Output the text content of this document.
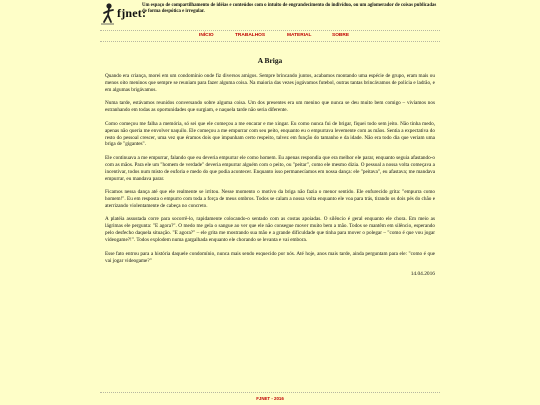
fjnet:
Um espaço de compartilhamento de idéias e conteúdos com o intuito de engrandecimento do indivíduo, ou um aglomerador de coisas publicadas de forma despótica e irregular.
INÍCIO	TRABALHOS	MATERIAL	SOBRE
A Briga

Quando era criança, morei em um condomínio onde fiz diversos amigos. Sempre brincando juntos, acabamos montando uma espécie de grupo, eram mais ou menos oito meninos que sempre se reuniam para fazer alguma coisa. Na maioria das vezes jogávamos futebol, outras tantas brincávamos de polícia e ladrão, e em algumas brigávamos.

Numa tarde, estávamos reunidos conversando sobre alguma coisa. Um dos presentes era um menino que nunca se deu muito bem comigo – vivíamos nos estranhando em todas as oportunidades que surgiam, e naquela tarde não seria diferente.

Como começou me falha a memória, só sei que ele começou a me encarar e me xingar. Eu como nunca fui de brigar, fiquei todo sem jeito. Não tinha medo, apenas não queria me envolver naquilo. Ele começou a me empurrar com seu peito, enquanto eu o empurrava levemente com as mãos. Sentia a expectativa do resto do pessoal crescer, uma vez que éramos dois que impunham certo respeito, talvez em função do tamanho e da idade. Não era todo dia que veriam uma briga de "gigantes".

Ele continuava a me empurrar, falando que eu deveria empurrar ele como homem. Eu apenas respondia que era melhor ele parar, enquanto seguia afastando-o com as mãos. Para ele um "homem de verdade" deveria empurrar alguém com o peito, ou "peitar", como ele mesmo dizia. O pessoal a nossa volta começava a incentivar, todos num misto de euforia e medo do que podia acontecer. Enquanto isso permanecíamos em nossa dança: ele "peitava", eu afastava; me mandava empurrar, eu mandava parar.

Ficamos nessa dança até que ele realmente se irritou. Nesse momento o motivo da briga não fazia o menor sentido. Ele enfurecido grita: "empurra como homem!". Eu em resposta o empurro com toda a força de meus ombros. Todos se calam a nossa volta enquanto ele voa para trás, tirando os dois pés do chão e aterrizando violentamente de cabeça no concreto.

A platéia assustada corre para socorrê-lo, rapidamente colocando-o sentado com as costas apoiadas. O silêncio é geral enquanto ele chora. Em meio as lágrimas ele pergunta: "E agora?". O medo me gela o sangue ao ver que ele não consegue mover muito bem a mão. Todos se mantêm em silêncio, esperando pelo desfecho daquela situação. "E agora?" – ele grita me mostrando sua mão e a grande dificuldade que tinha para mover o polegar – "como é que vou jogar videogame?!". Todos explodem numa gargalhada enquanto ele chorando se levanta e vai embora.

Esse fato entrou para a história daquele condomínio, nunca mais sendo esquecido por nós. Até hoje, anos mais tarde, ainda perguntam para ele: "como é que vai jogar videogame?"

14.04.2016
FJNET - 2016
